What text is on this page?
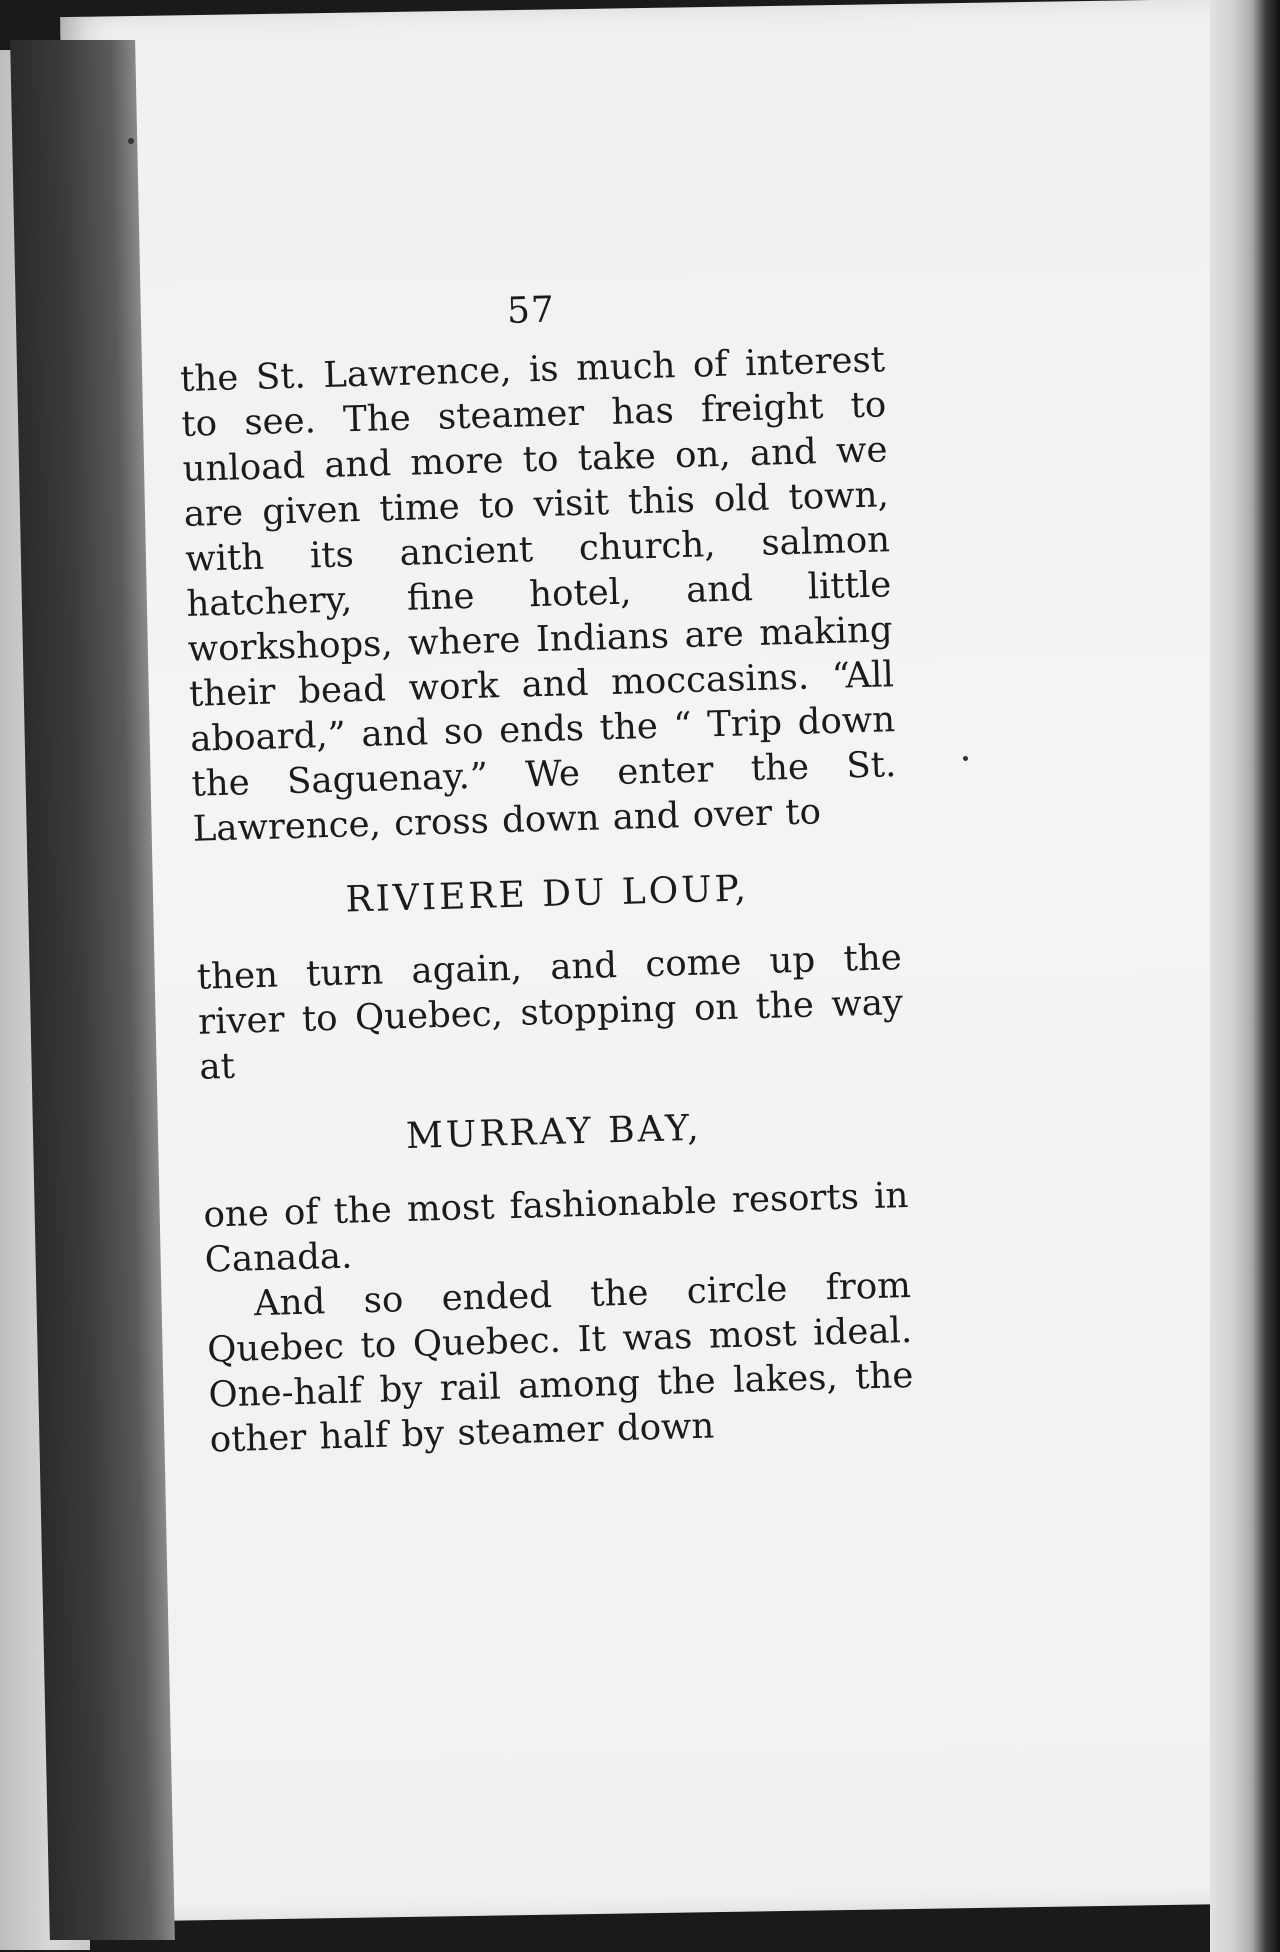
57

the St. Lawrence, is much of interest to see. The steamer has freight to unload and more to take on, and we are given time to visit this old town, with its ancient church, salmon hatchery, fine hotel, and little workshops, where Indians are making their bead work and moccasins. “All aboard,” and so ends the “ Trip down the Saguenay.” We enter the St. Lawrence, cross down and over to

RIVIERE DU LOUP,

then turn again, and come up the river to Quebec, stopping on the way at

MURRAY BAY,

one of the most fashionable resorts in Canada.

And so ended the circle from Quebec to Quebec. It was most ideal. One-half by rail among the lakes, the other half by steamer down
